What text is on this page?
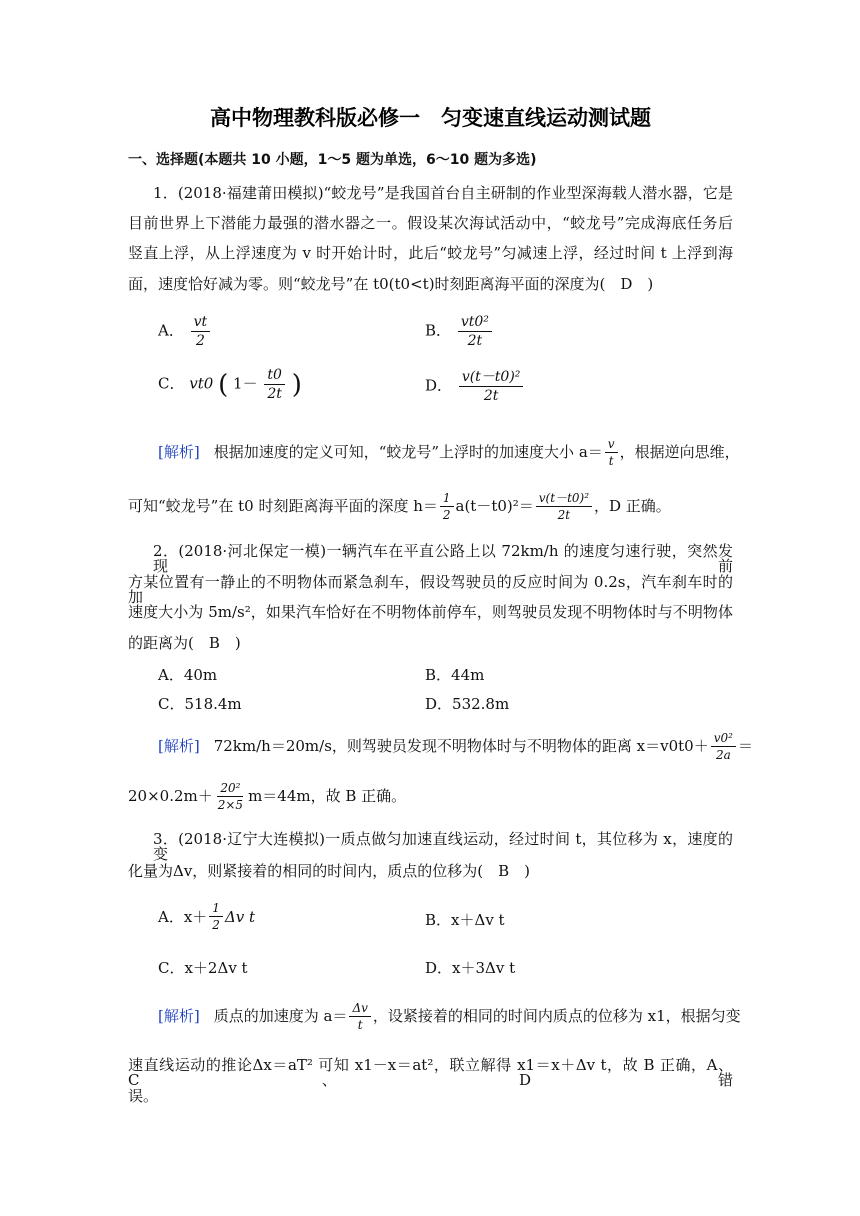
高中物理教科版必修一　匀变速直线运动测试题
一、选择题(本题共 10 小题，1～5 题为单选，6～10 题为多选)
1．(2018·福建莆田模拟)“蛟龙号”是我国首台自主研制的作业型深海载人潜水器，它是
目前世界上下潜能力最强的潜水器之一。假设某次海试活动中，“蛟龙号”完成海底任务后
竖直上浮，从上浮速度为 v 时开始计时，此后“蛟龙号”匀减速上浮，经过时间 t 上浮到海
面，速度恰好减为零。则“蛟龙号”在 t0(t0<t)时刻距离海平面的深度为(　D　)
A． $\frac{vt}{2}$	B． $\frac{\text{vt0²}}{2t}$
C． vt0 ( $1- \frac{t0}{2t}$ )	D． $\frac{\text{v(t－t0)²}}{2t}$
[解析] 根据加速度的定义可知，“蛟龙号”上浮时的加速度大小 $a= \frac{v}{t}$ ，根据逆向思维，
可知“蛟龙号”在 t0 时刻距离海平面的深度 $h= \frac{1}{2} a(t-t0)^2= \frac{\text{v(t－t0)²}}{2t}$ ，D 正确。
2．(2018·河北保定一模)一辆汽车在平直公路上以 72km/h 的速度匀速行驶，突然发现前
方某位置有一静止的不明物体而紧急刹车，假设驾驶员的反应时间为 0.2s，汽车刹车时的加
速度大小为 5m/s²，如果汽车恰好在不明物体前停车，则驾驶员发现不明物体时与不明物体
的距离为(　B　)
A．40m	B．44m
C．518.4m	D．532.8m
[解析] 72km/h＝20m/s，则驾驶员发现不明物体时与不明物体的距离 $x=v0t0+ \frac{\text{v0²}}{2a}$ ＝
$20\times 0.2m+ \frac{\text{20²}}{2\times 5} m=44m$，故 B 正确。
3．(2018·辽宁大连模拟)一质点做匀加速直线运动，经过时间 t，其位移为 x，速度的变
化量为Δv，则紧接着的相同的时间内，质点的位移为(　B　)
A．$x+ \frac{1}{2}$ Δv t	B．x＋Δv t
C．x＋2Δv t	D．x＋3Δv t
[解析] 质点的加速度为 $a= \frac{\Delta v}{t}$ ，设紧接着的相同的时间内质点的位移为 x1，根据匀变
速直线运动的推论Δx＝aT² 可知 x1－x＝at²，联立解得 x1＝x＋Δv t，故 B 正确，A、C、D 错
误。
